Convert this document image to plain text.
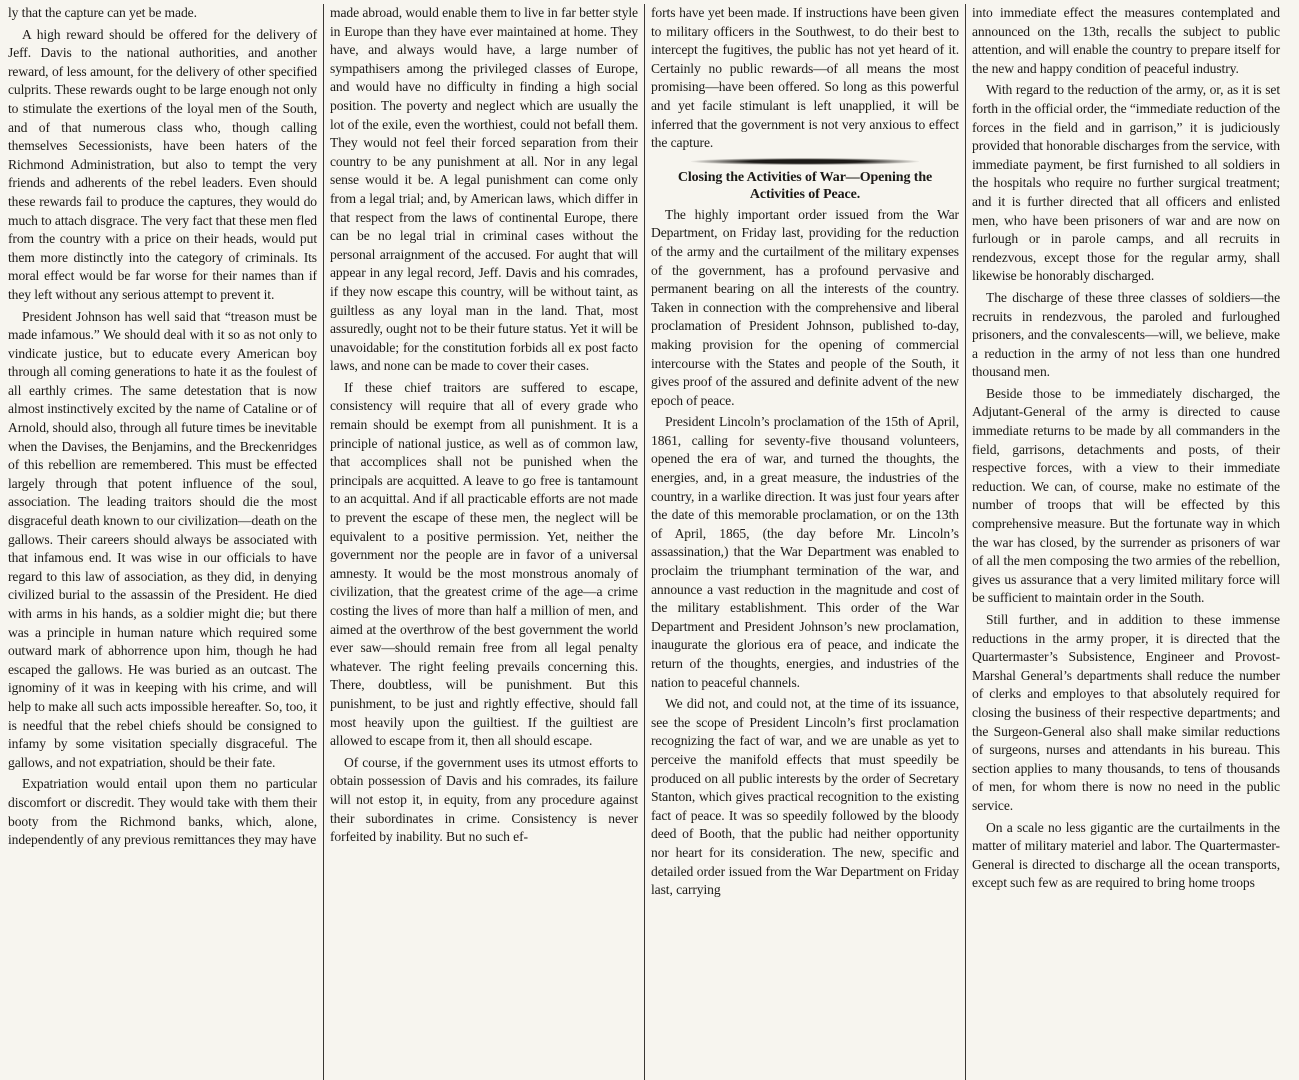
ly that the capture can yet be made.

A high reward should be offered for the delivery of Jeff. Davis to the national authorities, and another reward, of less amount, for the delivery of other specified culprits. These rewards ought to be large enough not only to stimulate the exertions of the loyal men of the South, and of that numerous class who, though calling themselves Secessionists, have been haters of the Richmond Administration, but also to tempt the very friends and adherents of the rebel leaders. Even should these rewards fail to produce the captures, they would do much to attach disgrace. The very fact that these men fled from the country with a price on their heads, would put them more distinctly into the category of criminals. Its moral effect would be far worse for their names than if they left without any serious attempt to prevent it.

President Johnson has well said that “treason must be made infamous.” We should deal with it so as not only to vindicate justice, but to educate every American boy through all coming generations to hate it as the foulest of all earthly crimes. The same detestation that is now almost instinctively excited by the name of Cataline or of Arnold, should also, through all future times be inevitable when the Davises, the Benjamins, and the Breckenridges of this rebellion are remembered. This must be effected largely through that potent influence of the soul, association. The leading traitors should die the most disgraceful death known to our civilization—death on the gallows. Their careers should always be associated with that infamous end. It was wise in our officials to have regard to this law of association, as they did, in denying civilized burial to the assassin of the President. He died with arms in his hands, as a soldier might die; but there was a principle in human nature which required some outward mark of abhorrence upon him, though he had escaped the gallows. He was buried as an outcast. The ignominy of it was in keeping with his crime, and will help to make all such acts impossible hereafter. So, too, it is needful that the rebel chiefs should be consigned to infamy by some visitation specially disgraceful. The gallows, and not expatriation, should be their fate.

Expatriation would entail upon them no particular discomfort or discredit. They would take with them their booty from the Richmond banks, which, alone, independently of any previous remittances they may have

made abroad, would enable them to live in far better style in Europe than they have ever maintained at home. They have, and always would have, a large number of sympathisers among the privileged classes of Europe, and would have no difficulty in finding a high social position. The poverty and neglect which are usually the lot of the exile, even the worthiest, could not befall them. They would not feel their forced separation from their country to be any punishment at all. Nor in any legal sense would it be. A legal punishment can come only from a legal trial; and, by American laws, which differ in that respect from the laws of continental Europe, there can be no legal trial in criminal cases without the personal arraignment of the accused. For aught that will appear in any legal record, Jeff. Davis and his comrades, if they now escape this country, will be without taint, as guiltless as any loyal man in the land. That, most assuredly, ought not to be their future status. Yet it will be unavoidable; for the constitution forbids all ex post facto laws, and none can be made to cover their cases.

If these chief traitors are suffered to escape, consistency will require that all of every grade who remain should be exempt from all punishment. It is a principle of national justice, as well as of common law, that accomplices shall not be punished when the principals are acquitted. A leave to go free is tantamount to an acquittal. And if all practicable efforts are not made to prevent the escape of these men, the neglect will be equivalent to a positive permission. Yet, neither the government nor the people are in favor of a universal amnesty. It would be the most monstrous anomaly of civilization, that the greatest crime of the age—a crime costing the lives of more than half a million of men, and aimed at the overthrow of the best government the world ever saw—should remain free from all legal penalty whatever. The right feeling prevails concerning this. There, doubtless, will be punishment. But this punishment, to be just and rightly effective, should fall most heavily upon the guiltiest. If the guiltiest are allowed to escape from it, then all should escape.

Of course, if the government uses its utmost efforts to obtain possession of Davis and his comrades, its failure will not estop it, in equity, from any procedure against their subordinates in crime. Consistency is never forfeited by inability. But no such ef-

forts have yet been made. If instructions have been given to military officers in the Southwest, to do their best to intercept the fugitives, the public has not yet heard of it. Certainly no public rewards—of all means the most promising—have been offered. So long as this powerful and yet facile stimulant is left unapplied, it will be inferred that the government is not very anxious to effect the capture.

Closing the Activities of War—Opening the Activities of Peace.

The highly important order issued from the War Department, on Friday last, providing for the reduction of the army and the curtailment of the military expenses of the government, has a profound pervasive and permanent bearing on all the interests of the country. Taken in connection with the comprehensive and liberal proclamation of President Johnson, published to-day, making provision for the opening of commercial intercourse with the States and people of the South, it gives proof of the assured and definite advent of the new epoch of peace.

President Lincoln’s proclamation of the 15th of April, 1861, calling for seventy-five thousand volunteers, opened the era of war, and turned the thoughts, the energies, and, in a great measure, the industries of the country, in a warlike direction. It was just four years after the date of this memorable proclamation, or on the 13th of April, 1865, (the day before Mr. Lincoln’s assassination,) that the War Department was enabled to proclaim the triumphant termination of the war, and announce a vast reduction in the magnitude and cost of the military establishment. This order of the War Department and President Johnson’s new proclamation, inaugurate the glorious era of peace, and indicate the return of the thoughts, energies, and industries of the nation to peaceful channels.

We did not, and could not, at the time of its issuance, see the scope of President Lincoln’s first proclamation recognizing the fact of war, and we are unable as yet to perceive the manifold effects that must speedily be produced on all public interests by the order of Secretary Stanton, which gives practical recognition to the existing fact of peace. It was so speedily followed by the bloody deed of Booth, that the public had neither opportunity nor heart for its consideration. The new, specific and detailed order issued from the War Department on Friday last, carrying

into immediate effect the measures contemplated and announced on the 13th, recalls the subject to public attention, and will enable the country to prepare itself for the new and happy condition of peaceful industry.

With regard to the reduction of the army, or, as it is set forth in the official order, the “immediate reduction of the forces in the field and in garrison,” it is judiciously provided that honorable discharges from the service, with immediate payment, be first furnished to all soldiers in the hospitals who require no further surgical treatment; and it is further directed that all officers and enlisted men, who have been prisoners of war and are now on furlough or in parole camps, and all recruits in rendezvous, except those for the regular army, shall likewise be honorably discharged.

The discharge of these three classes of soldiers—the recruits in rendezvous, the paroled and furloughed prisoners, and the convalescents—will, we believe, make a reduction in the army of not less than one hundred thousand men.

Beside those to be immediately discharged, the Adjutant-General of the army is directed to cause immediate returns to be made by all commanders in the field, garrisons, detachments and posts, of their respective forces, with a view to their immediate reduction. We can, of course, make no estimate of the number of troops that will be effected by this comprehensive measure. But the fortunate way in which the war has closed, by the surrender as prisoners of war of all the men composing the two armies of the rebellion, gives us assurance that a very limited military force will be sufficient to maintain order in the South.

Still further, and in addition to these immense reductions in the army proper, it is directed that the Quartermaster’s Subsistence, Engineer and Provost-Marshal General’s departments shall reduce the number of clerks and employes to that absolutely required for closing the business of their respective departments; and the Surgeon-General also shall make similar reductions of surgeons, nurses and attendants in his bureau. This section applies to many thousands, to tens of thousands of men, for whom there is now no need in the public service.

On a scale no less gigantic are the curtailments in the matter of military materiel and labor. The Quartermaster-General is directed to discharge all the ocean transports, except such few as are required to bring home troops
